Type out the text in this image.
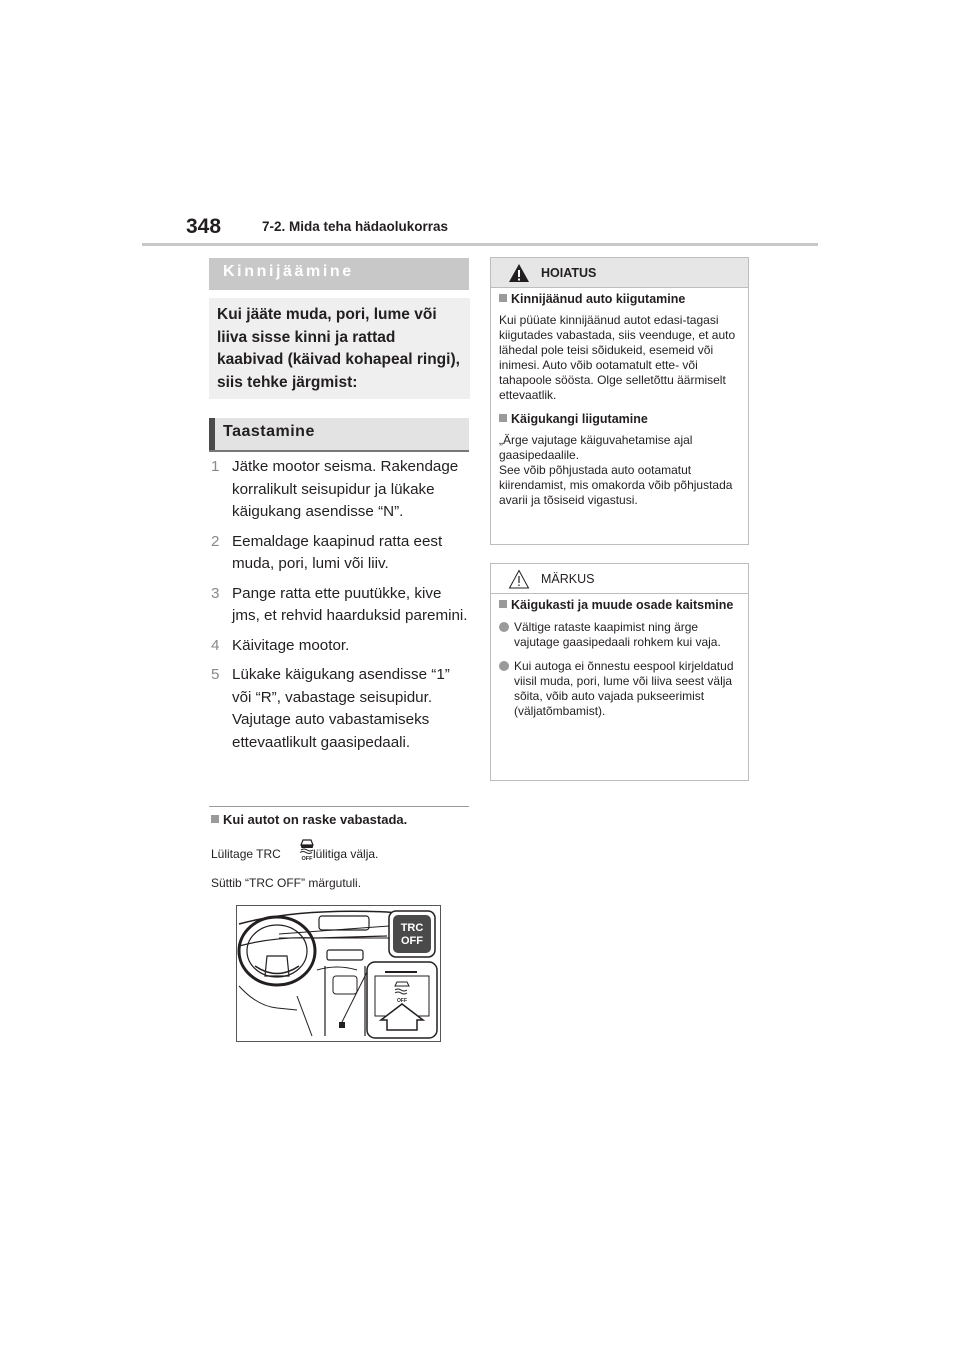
348	7-2. Mida teha hädaolukorras
Kinnijäämine
Kui jääte muda, pori, lume või liiva sisse kinni ja rattad kaabivad (käivad kohapeal ringi), siis tehke järgmist:
Taastamine
1 Jätke mootor seisma. Rakendage korralikult seisupidur ja lükake käigukang asendisse “N”.
2 Eemaldage kaapinud ratta eest muda, pori, lumi või liiv.
3 Pange ratta ette puutükke, kive jms, et rehvid haarduksid paremini.
4 Käivitage mootor.
5 Lükake käigukang asendisse “1” või “R”, vabastage seisupidur. Vajutage auto vabastamiseks ettevaatlikult gaasipedaali.
Kui autot on raske vabastada.
Lülitage TRC	lülitiga välja.
OFF
Süttib “TRC OFF” märgutuli.
TRC
OFF
OFF
HOIATUS
Kinnijäänud auto kiigutamine
Kui püüate kinnijäänud autot edasi-tagasi kiigutades vabastada, siis veenduge, et auto lähedal pole teisi sõidukeid, esemeid või inimesi. Auto võib ootamatult ette- või tahapoole söösta. Olge selletõttu äärmiselt ettevaatlik.
Käigukangi liigutamine
„Ärge vajutage käiguvahetamise ajal gaasipedaalile.
See võib põhjustada auto ootamatut kiirendamist, mis omakorda võib põhjustada avarii ja tõsiseid vigastusi.
MÄRKUS
Käigukasti ja muude osade kaitsmine
Vältige rataste kaapimist ning ärge vajutage gaasipedaali rohkem kui vaja.
Kui autoga ei õnnestu eespool kirjeldatud viisil muda, pori, lume või liiva seest välja sõita, võib auto vajada pukseerimist (väljatõmbamist).
